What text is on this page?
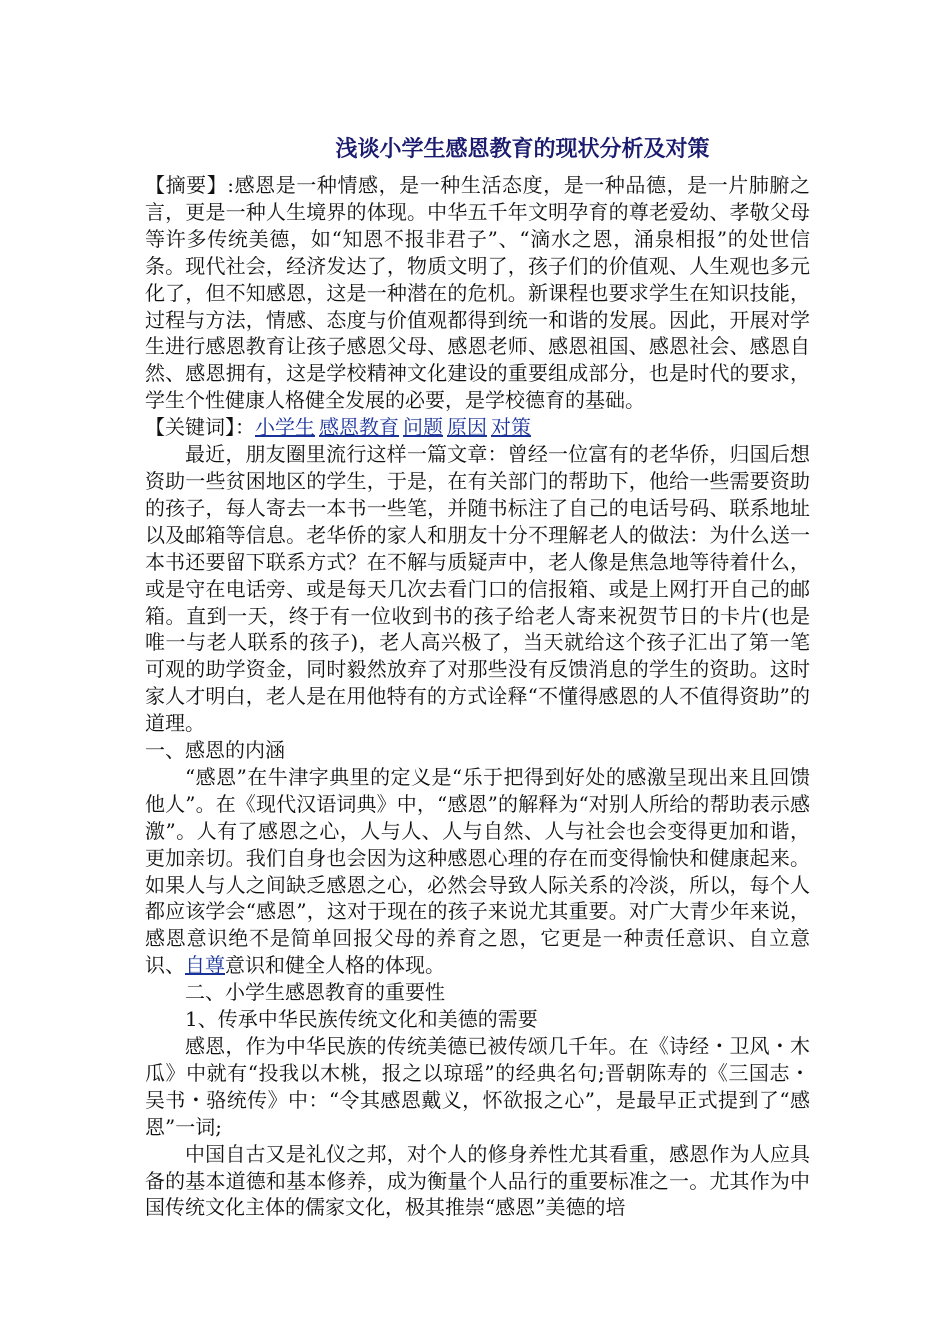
浅谈小学生感恩教育的现状分析及对策

【摘要】:感恩是一种情感，是一种生活态度，是一种品德，是一片肺腑之言，更是一种人生境界的体现。中华五千年文明孕育的尊老爱幼、孝敬父母等许多传统美德，如“知恩不报非君子”、“滴水之恩，涌泉相报”的处世信条。现代社会，经济发达了，物质文明了，孩子们的价值观、人生观也多元化了，但不知感恩，这是一种潜在的危机。新课程也要求学生在知识技能，过程与方法，情感、态度与价值观都得到统一和谐的发展。因此，开展对学生进行感恩教育让孩子感恩父母、感恩老师、感恩祖国、感恩社会、感恩自然、感恩拥有，这是学校精神文化建设的重要组成部分，也是时代的要求，学生个性健康人格健全发展的必要，是学校德育的基础。

【关键词】：小学生 感恩教育 问题 原因 对策

最近，朋友圈里流行这样一篇文章：曾经一位富有的老华侨，归国后想资助一些贫困地区的学生，于是，在有关部门的帮助下，他给一些需要资助的孩子，每人寄去一本书一些笔，并随书标注了自己的电话号码、联系地址以及邮箱等信息。老华侨的家人和朋友十分不理解老人的做法：为什么送一本书还要留下联系方式？在不解与质疑声中，老人像是焦急地等待着什么，或是守在电话旁、或是每天几次去看门口的信报箱、或是上网打开自己的邮箱。直到一天，终于有一位收到书的孩子给老人寄来祝贺节日的卡片(也是唯一与老人联系的孩子)，老人高兴极了，当天就给这个孩子汇出了第一笔可观的助学资金，同时毅然放弃了对那些没有反馈消息的学生的资助。这时家人才明白，老人是在用他特有的方式诠释“不懂得感恩的人不值得资助”的道理。

一、感恩的内涵

“感恩”在牛津字典里的定义是“乐于把得到好处的感激呈现出来且回馈他人”。在《现代汉语词典》中，“感恩”的解释为“对别人所给的帮助表示感激”。人有了感恩之心，人与人、人与自然、人与社会也会变得更加和谐，更加亲切。我们自身也会因为这种感恩心理的存在而变得愉快和健康起来。如果人与人之间缺乏感恩之心，必然会导致人际关系的冷淡，所以，每个人都应该学会“感恩”，这对于现在的孩子来说尤其重要。对广大青少年来说，感恩意识绝不是简单回报父母的养育之恩，它更是一种责任意识、自立意识、自尊意识和健全人格的体现。

二、小学生感恩教育的重要性

1、传承中华民族传统文化和美德的需要

感恩，作为中华民族的传统美德已被传颂几千年。在《诗经・卫风・木瓜》中就有“投我以木桃，报之以琼瑶”的经典名句;晋朝陈寿的《三国志・吴书・骆统传》中：“令其感恩戴义，怀欲报之心”，是最早正式提到了“感恩”一词;

中国自古又是礼仪之邦，对个人的修身养性尤其看重，感恩作为人应具备的基本道德和基本修养，成为衡量个人品行的重要标准之一。尤其作为中国传统文化主体的儒家文化，极其推崇“感恩”美德的培
